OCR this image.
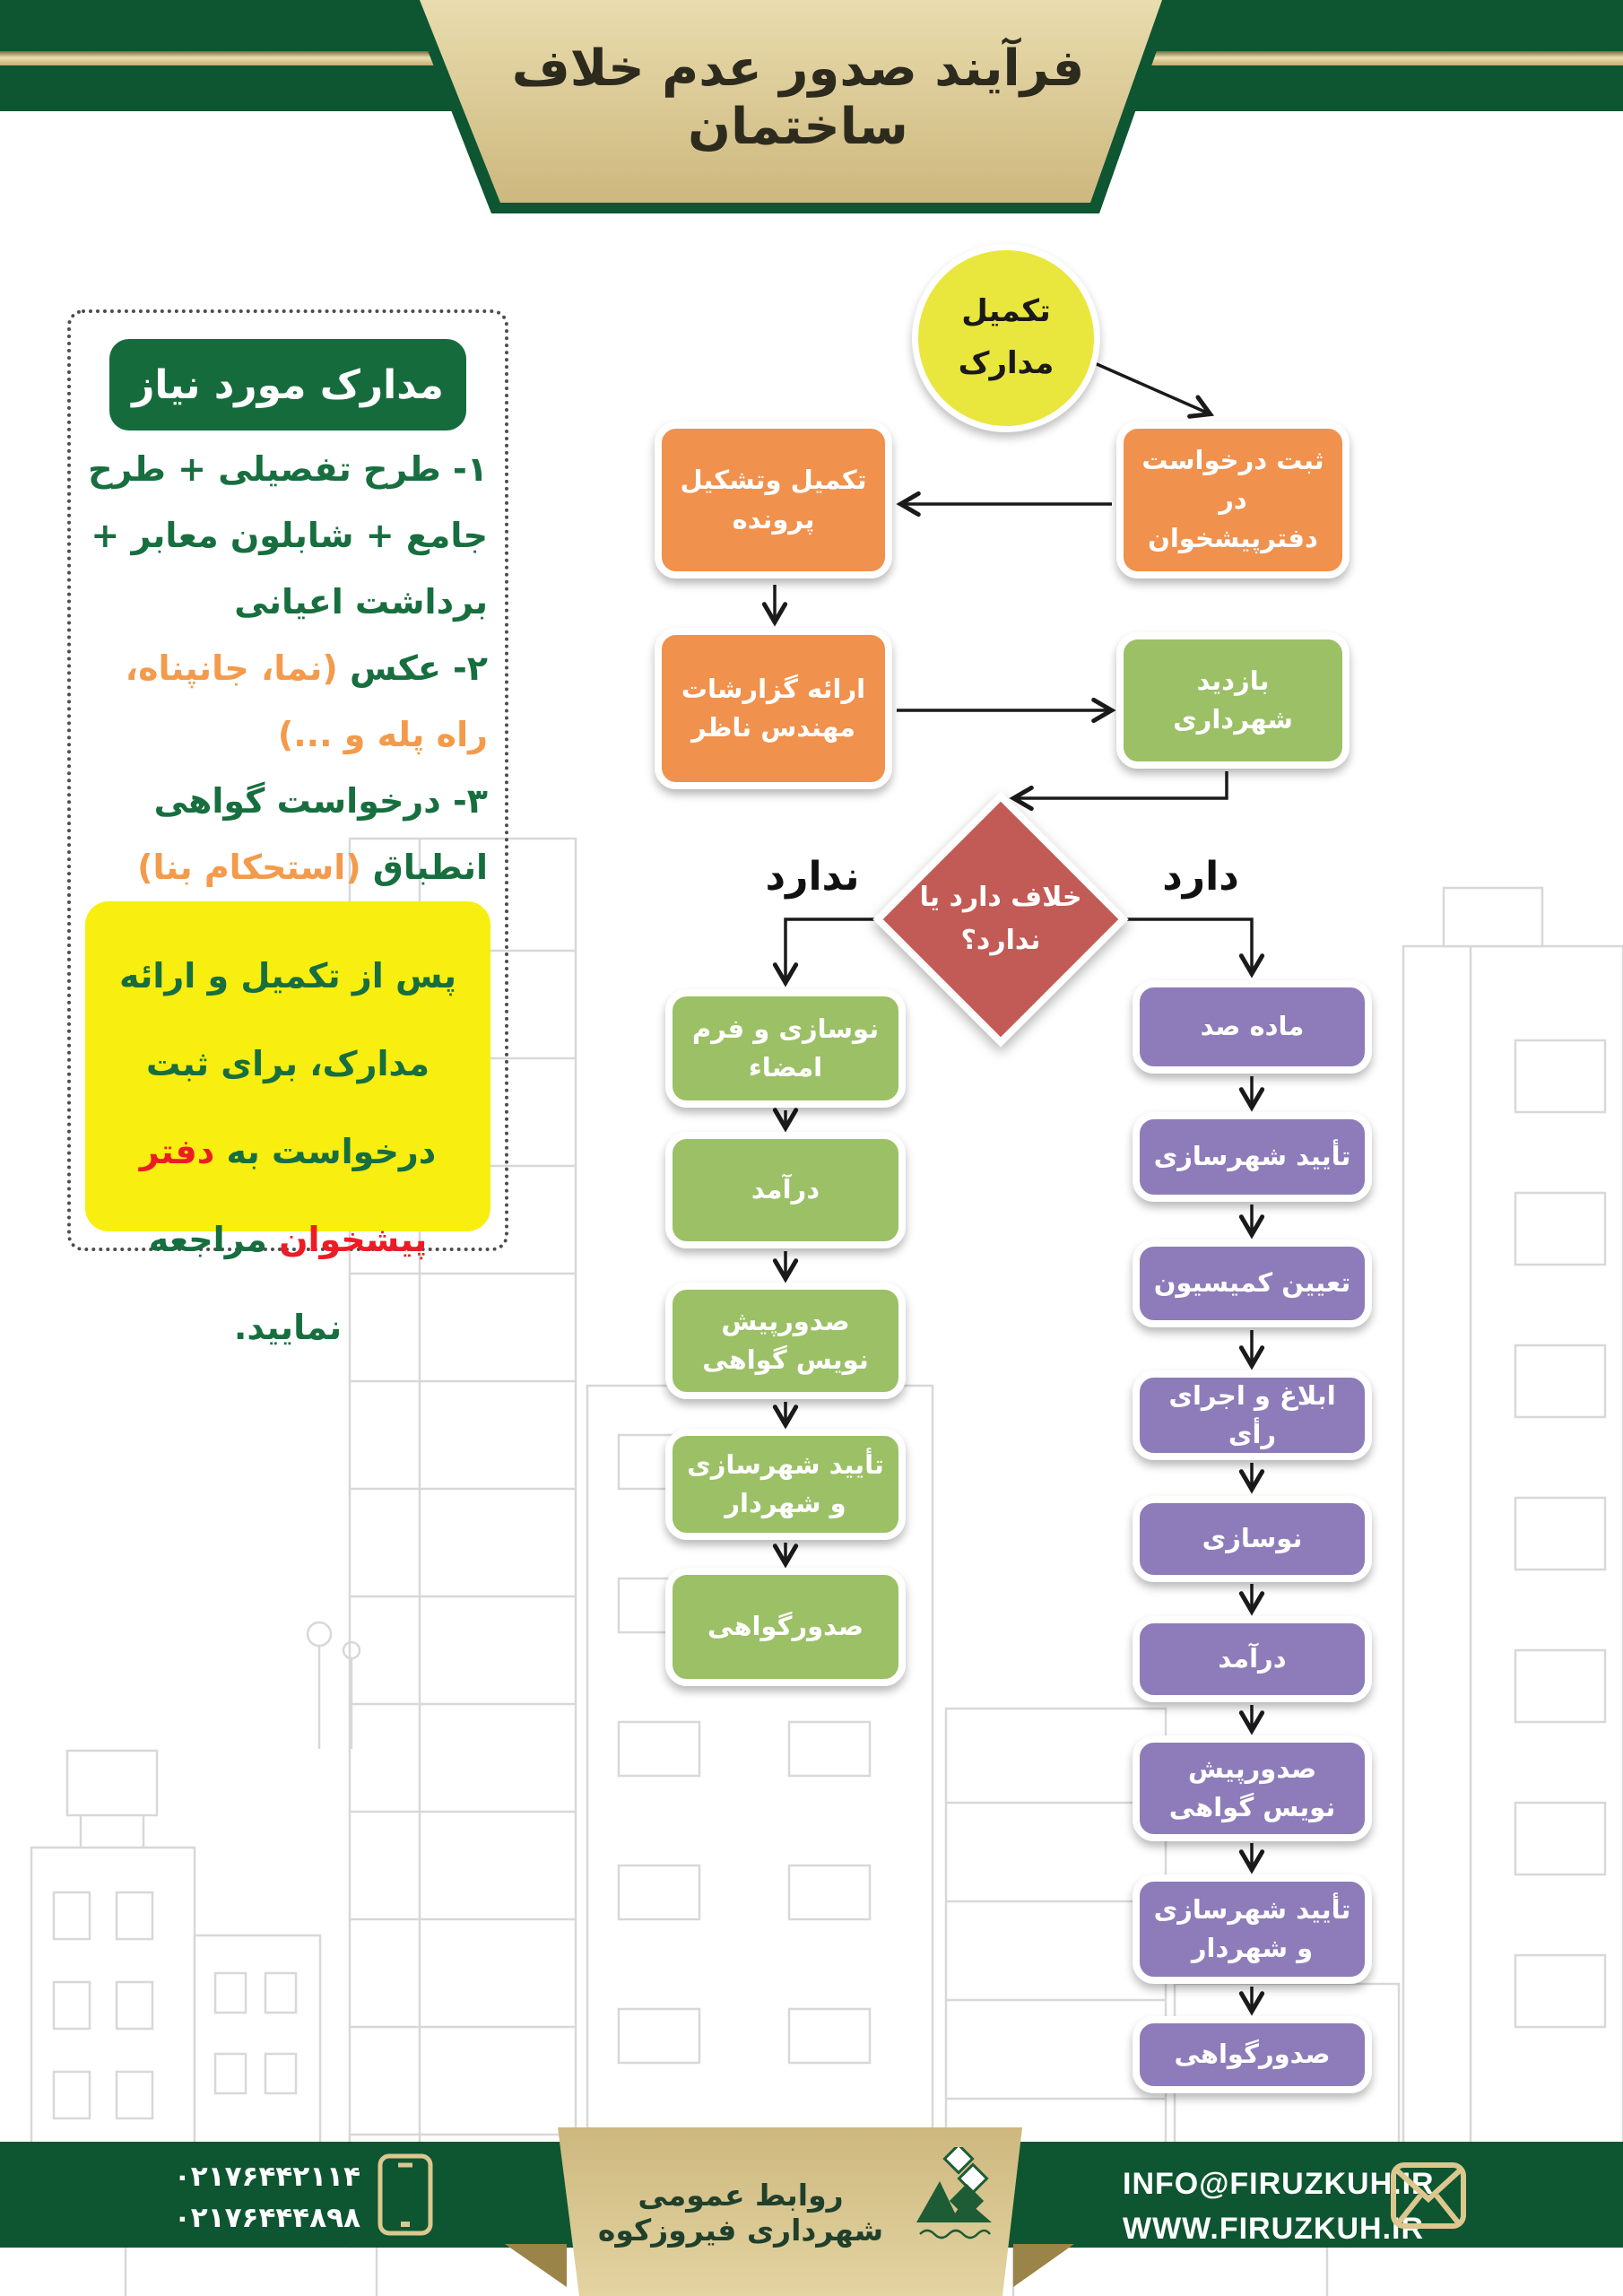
فرآیند صدور عدم خلاف ساختمان
مدارک مورد نیاز
۱- طرح تفصیلی + طرح جامع + شابلون معابر + برداشت اعیانی
۲- عکس (نما، جانپناه، راه پله و ...)
۳- درخواست گواهی انطباق (استحکام بنا)
پس از تکمیل و ارائه مدارک، برای ثبت درخواست به دفتر پیشخوان مراجعه نمایید.
تکمیل مدارک
ثبت درخواست در دفترپیشخوان
تکمیل وتشکیل پرونده
ارائه گزارشات مهندس ناظر
بازدید شهرداری
خلاف دارد یا ندارد؟
ندارد	دارد
نوسازی و فرم امضاء
درآمد
صدورپیش نویس گواهی
تأیید شهرسازی و شهردار
صدورگواهی
ماده صد
تأیید شهرسازی
تعیین کمیسیون
ابلاغ و اجرای رأی
نوسازی
درآمد
صدورپیش نویس گواهی
تأیید شهرسازی و شهردار
صدورگواهی
روابط عمومی شهرداری فیروزکوه
۰۲۱۷۶۴۴۲۱۱۴
۰۲۱۷۶۴۴۴۸۹۸
INFO@FIRUZKUH.IR
WWW.FIRUZKUH.IR
